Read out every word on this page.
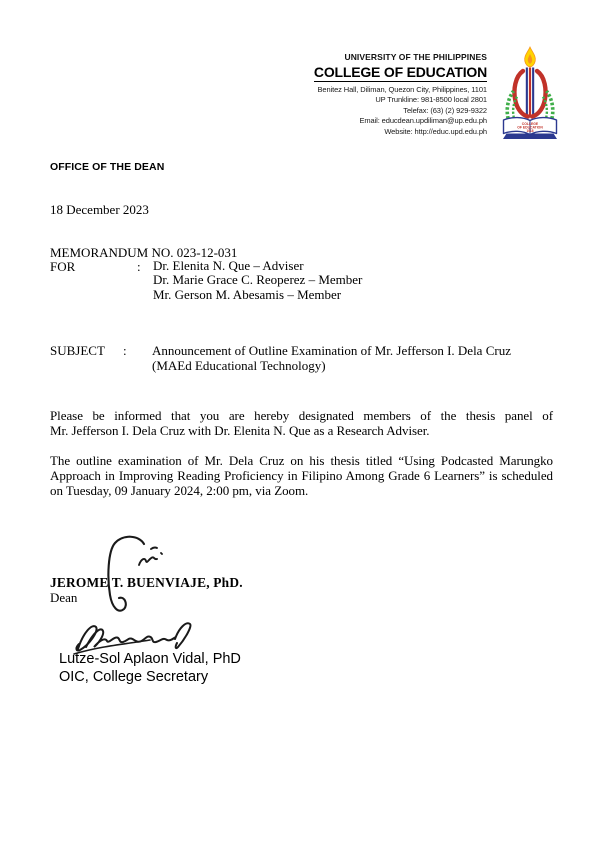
UNIVERSITY OF THE PHILIPPINES
COLLEGE OF EDUCATION
Benitez Hall, Diliman, Quezon City, Philippines, 1101
UP Trunkline: 981-8500 local 2801
Telefax: (63) (2) 929-9322
Email: educdean.updiliman@up.edu.ph
Website: http://educ.upd.edu.ph
COLLEGE
OF EDUCATION
1918
OFFICE OF THE DEAN
18 December 2023
MEMORANDUM NO. 023-12-031
FOR	: Dr. Elenita N. Que – Adviser
Dr. Marie Grace C. Reoperez – Member
Mr. Gerson M. Abesamis – Member
SUBJECT	:	Announcement of Outline Examination of Mr. Jefferson I. Dela Cruz
(MAEd Educational Technology)
Please be informed that you are hereby designated members of the thesis panel of
Mr. Jefferson I. Dela Cruz with Dr. Elenita N. Que as a Research Adviser.
The outline examination of Mr. Dela Cruz on his thesis titled “Using Podcasted Marungko
Approach in Improving Reading Proficiency in Filipino Among Grade 6 Learners” is scheduled
on Tuesday, 09 January 2024, 2:00 pm, via Zoom.
JEROME T. BUENVIAJE, PhD.
Dean
Lutze-Sol Aplaon Vidal, PhD
OIC, College Secretary
